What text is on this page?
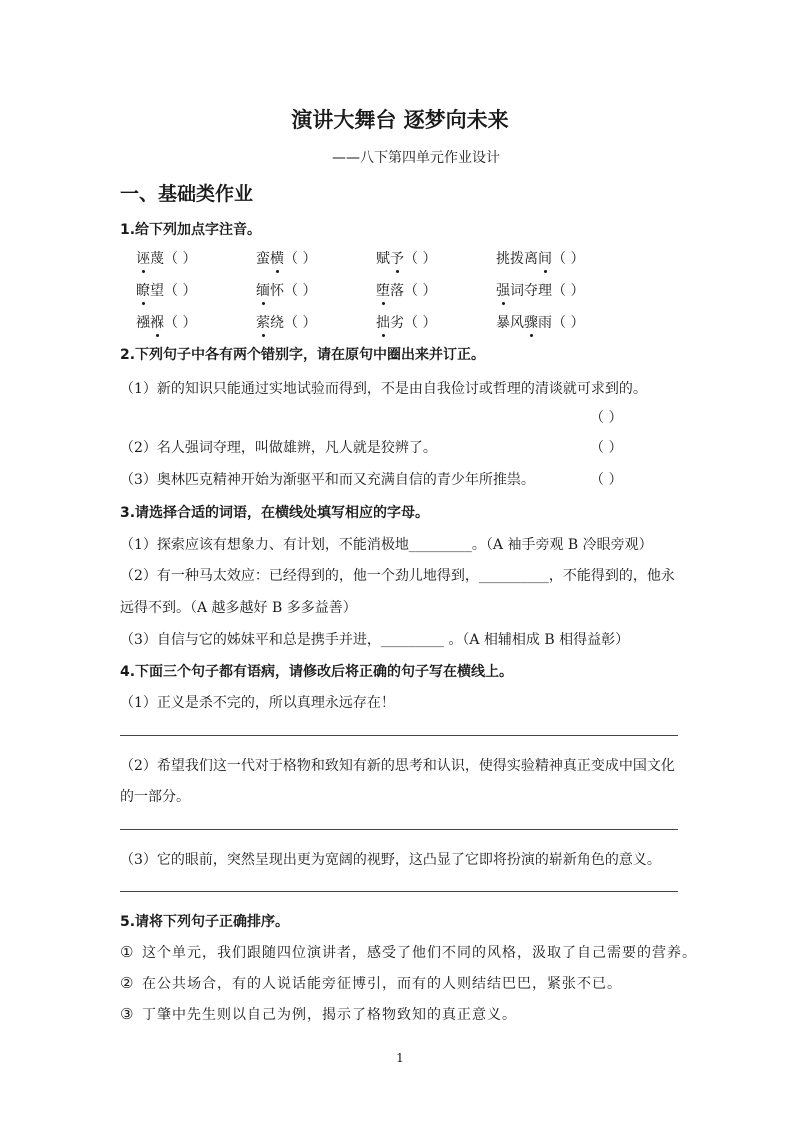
演讲大舞台 逐梦向未来
——八下第四单元作业设计
一、基础类作业
1.给下列加点字注音。
诬蔑（ ）	蛮横（ ）	赋予（ ）	挑拨离间（ ）
瞭望（ ）	缅怀（ ）	堕落（ ）	强词夺理（ ）
襁褓（ ）	萦绕（ ）	拙劣（ ）	暴风骤雨（ ）
2.下列句子中各有两个错别字，请在原句中圈出来并订正。
（1）新的知识只能通过实地试验而得到，不是由自我俭讨或哲理的清谈就可求到的。
（ ）
（2）名人强词夺理，叫做雄辨，凡人就是狡辨了。	（ ）
（3）奥林匹克精神开始为渐驱平和而又充满自信的青少年所推祟。	（ ）
3.请选择合适的词语，在横线处填写相应的字母。
（1）探索应该有想象力、有计划，不能消极地_________。（A 袖手旁观 B 冷眼旁观）
（2）有一种马太效应：已经得到的，他一个劲儿地得到，__________，不能得到的，他永
远得不到。（A 越多越好 B 多多益善）
（3）自信与它的姊妹平和总是携手并进，_________ 。（A 相辅相成 B 相得益彰）
4.下面三个句子都有语病，请修改后将正确的句子写在横线上。
（1）正义是杀不完的，所以真理永远存在！
（2）希望我们这一代对于格物和致知有新的思考和认识，使得实验精神真正变成中国文化
的一部分。
（3）它的眼前，突然呈现出更为宽阔的视野，这凸显了它即将扮演的崭新角色的意义。
5.请将下列句子正确排序。
① 这个单元，我们跟随四位演讲者，感受了他们不同的风格，汲取了自己需要的营养。
② 在公共场合，有的人说话能旁征博引，而有的人则结结巴巴，紧张不已。
③ 丁肇中先生则以自己为例，揭示了格物致知的真正意义。
1
